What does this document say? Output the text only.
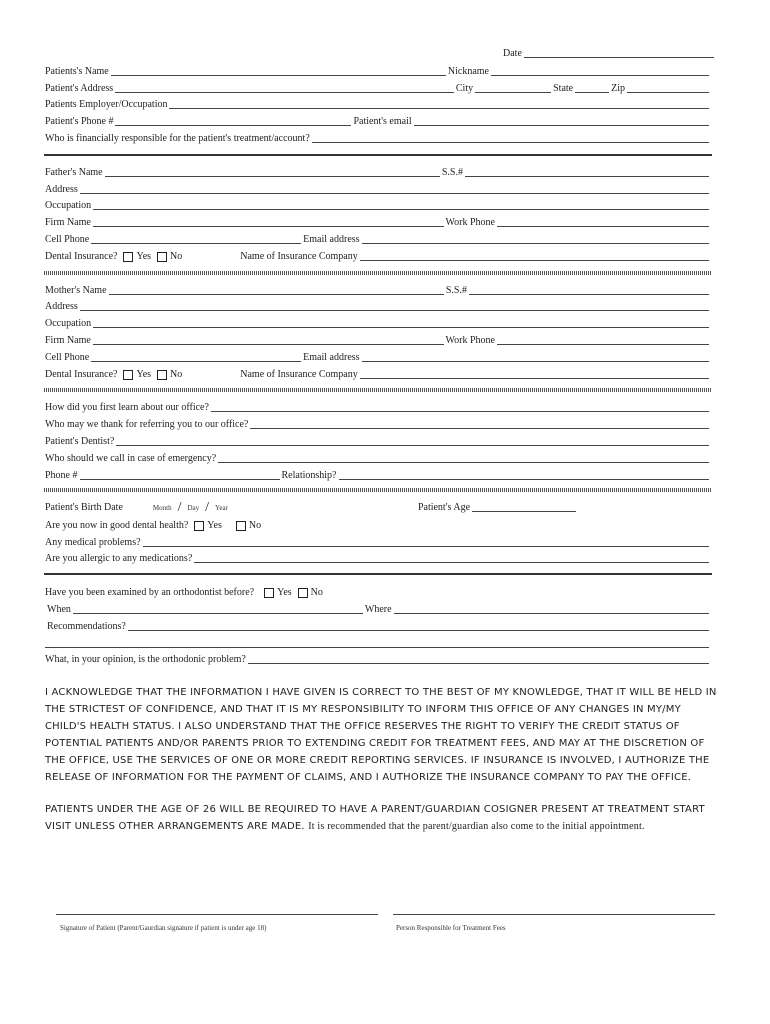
Date
Patients's Name	Nickname
Patient's Address	City	State	Zip
Patients Employer/Occupation
Patient's Phone #	Patient's email
Who is financially responsible for the patient's treatment/account?
Father's Name	S.S.#
Address
Occupation
Firm Name	Work Phone
Cell Phone	Email address
Dental Insurance? Yes No	Name of Insurance Company
Mother's Name	S.S.#
Address
Occupation
Firm Name	Work Phone
Cell Phone	Email address
Dental Insurance? Yes No	Name of Insurance Company
How did you first learn about our office?
Who may we thank for referring you to our office?
Patient's Dentist?
Who should we call in case of emergency?
Phone #	Relationship?
Patient's Birth Date	Month / Day / Year	Patient's Age
Are you now in good dental health? Yes	No
Any medical problems?
Are you allergic to any medications?
Have you been examined by an orthodontist before? Yes No
When	Where
Recommendations?
What, in your opinion, is the orthodonic problem?
I ACKNOWLEDGE THAT THE INFORMATION I HAVE GIVEN IS CORRECT TO THE BEST OF MY KNOWLEDGE, THAT IT WILL BE HELD IN THE STRICTEST OF CONFIDENCE, AND THAT IT IS MY RESPONSIBILITY TO INFORM THIS OFFICE OF ANY CHANGES IN MY/MY CHILD'S HEALTH STATUS. I ALSO UNDERSTAND THAT THE OFFICE RESERVES THE RIGHT TO VERIFY THE CREDIT STATUS OF POTENTIAL PATIENTS AND/OR PARENTS PRIOR TO EXTENDING CREDIT FOR TREATMENT FEES, AND MAY AT THE DISCRETION OF THE OFFICE, USE THE SERVICES OF ONE OR MORE CREDIT REPORTING SERVICES. IF INSURANCE IS INVOLVED, I AUTHORIZE THE RELEASE OF INFORMATION FOR THE PAYMENT OF CLAIMS, AND I AUTHORIZE THE INSURANCE COMPANY TO PAY THE OFFICE.
PATIENTS UNDER THE AGE OF 26 WILL BE REQUIRED TO HAVE A PARENT/GUARDIAN COSIGNER PRESENT AT TREATMENT START VISIT UNLESS OTHER ARRANGEMENTS ARE MADE. It is recommended that the parent/guardian also come to the initial appointment.
Signature of Patient (Parent/Gaurdian signature if patient is under age 18)	Person Responsible for Treatment Fees
